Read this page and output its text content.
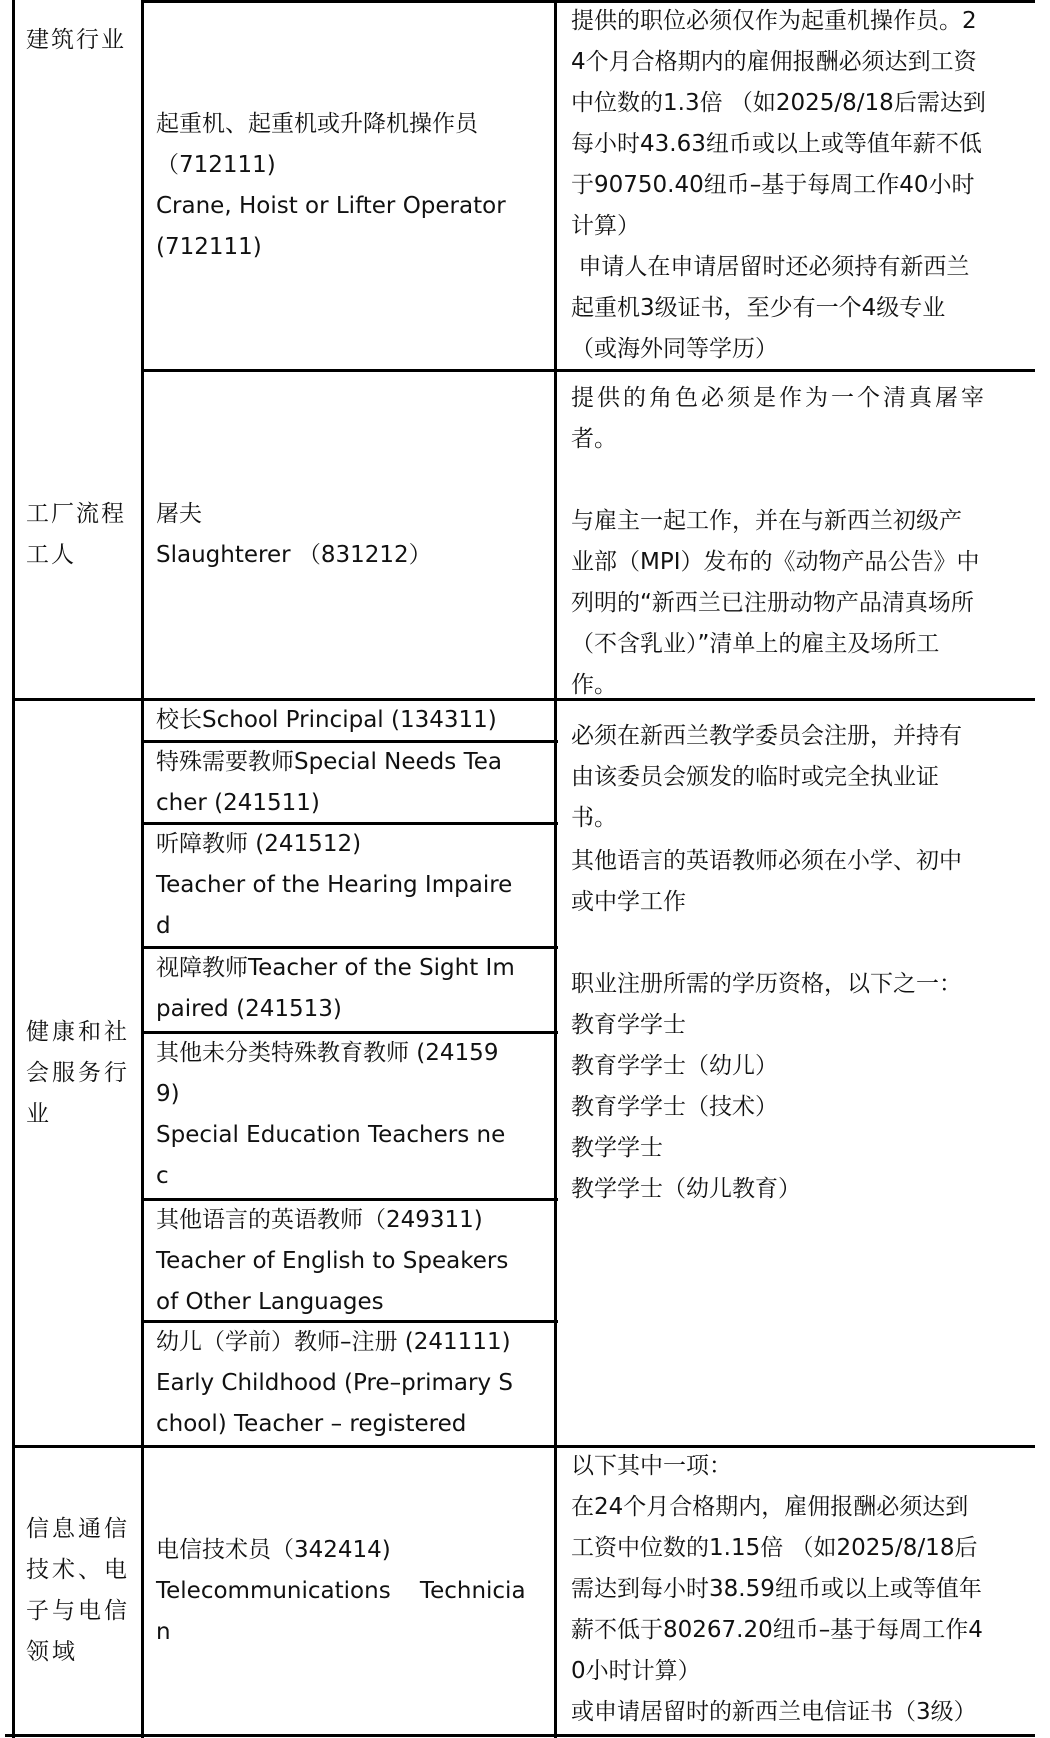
建筑行业
起重机、起重机或升降机操作员
（712111)
Crane, Hoist or Lifter Operator
(712111)
提供的职位必须仅作为起重机操作员。2
4个月合格期内的雇佣报酬必须达到工资
中位数的1.3倍 （如2025/8/18后需达到
每小时43.63纽币或以上或等值年薪不低
于90750.40纽币–基于每周工作40小时
计算）
申请人在申请居留时还必须持有新西兰
起重机3级证书，至少有一个4级专业
（或海外同等学历）
工厂流程工人
屠夫
Slaughterer （831212）
提供的角色必须是作为一个清真屠宰
者。

与雇主一起工作，并在与新西兰初级产
业部（MPI）发布的《动物产品公告》中
列明的“新西兰已注册动物产品清真场所
（不含乳业）”清单上的雇主及场所工
作。
健康和社会服务行业
校长School Principal (134311)
特殊需要教师Special Needs Tea
cher (241511)
听障教师 (241512)
Teacher of the Hearing Impaire
d
视障教师Teacher of the Sight Im
paired (241513)
其他未分类特殊教育教师 (24159
9)
Special Education Teachers ne
c
其他语言的英语教师（249311)
Teacher of English to Speakers
of Other Languages
幼儿（学前）教师–注册 (241111)
Early Childhood (Pre–primary S
chool) Teacher – registered
必须在新西兰教学委员会注册，并持有
由该委员会颁发的临时或完全执业证
书。
其他语言的英语教师必须在小学、初中
或中学工作

职业注册所需的学历资格，以下之一：
教育学学士
教育学学士（幼儿）
教育学学士（技术）
教学学士
教学学士（幼儿教育）
信息通信技术、电子与电信领域
电信技术员（342414)
Telecommunications    Technicia
n
以下其中一项：
在24个月合格期内，雇佣报酬必须达到
工资中位数的1.15倍 （如2025/8/18后
需达到每小时38.59纽币或以上或等值年
薪不低于80267.20纽币–基于每周工作4
0小时计算）
或申请居留时的新西兰电信证书（3级）
